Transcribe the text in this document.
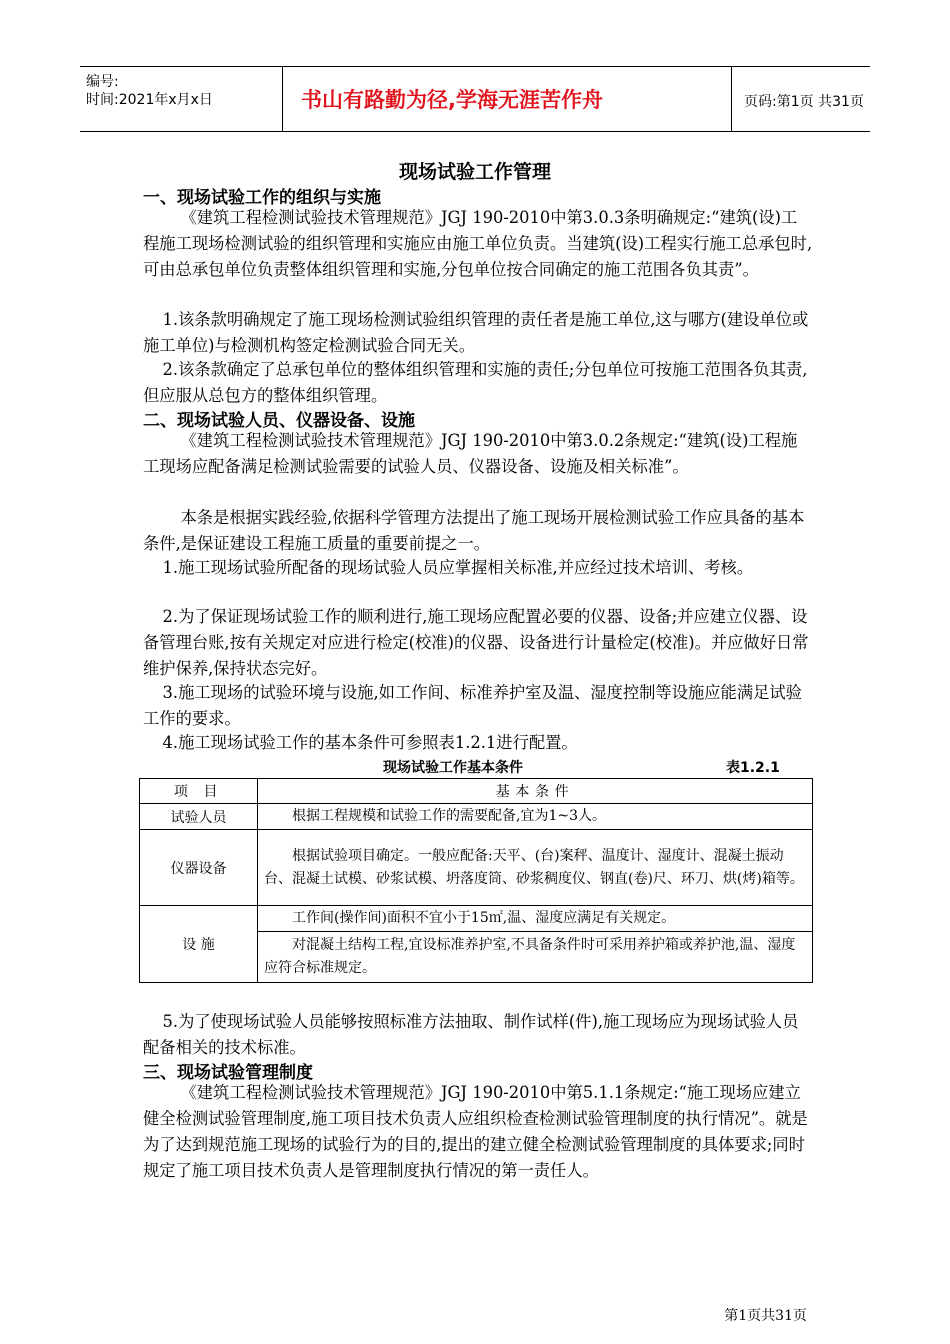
编号:
时间:2021年x月x日	书山有路勤为径,学海无涯苦作舟	页码:第1页 共31页
现场试验工作管理
一、现场试验工作的组织与实施
《建筑工程检测试验技术管理规范》JGJ 190-2010中第3.0.3条明确规定:“建筑(设)工程施工现场检测试验的组织管理和实施应由施工单位负责。当建筑(设)工程实行施工总承包时,可由总承包单位负责整体组织管理和实施,分包单位按合同确定的施工范围各负其责”。
1.该条款明确规定了施工现场检测试验组织管理的责任者是施工单位,这与哪方(建设单位或施工单位)与检测机构签定检测试验合同无关。
2.该条款确定了总承包单位的整体组织管理和实施的责任;分包单位可按施工范围各负其责,但应服从总包方的整体组织管理。
二、现场试验人员、仪器设备、设施
《建筑工程检测试验技术管理规范》JGJ 190-2010中第3.0.2条规定:“建筑(设)工程施工现场应配备满足检测试验需要的试验人员、仪器设备、设施及相关标准”。
本条是根据实践经验,依据科学管理方法提出了施工现场开展检测试验工作应具备的基本条件,是保证建设工程施工质量的重要前提之一。
1.施工现场试验所配备的现场试验人员应掌握相关标准,并应经过技术培训、考核。
2.为了保证现场试验工作的顺利进行,施工现场应配置必要的仪器、设备;并应建立仪器、设备管理台账,按有关规定对应进行检定(校准)的仪器、设备进行计量检定(校准)。并应做好日常维护保养,保持状态完好。
3.施工现场的试验环境与设施,如工作间、标准养护室及温、湿度控制等设施应能满足试验工作的要求。
4.施工现场试验工作的基本条件可参照表1.2.1进行配置。
现场试验工作基本条件	表1.2.1
项 目	基本条件
试验人员	根据工程规模和试验工作的需要配备,宜为1~3人。
仪器设备	根据试验项目确定。一般应配备:天平、(台)案秤、温度计、湿度计、混凝土振动台、混凝土试模、砂浆试模、坍落度筒、砂浆稠度仪、钢直(卷)尺、环刀、烘(烤)箱等。
设 施	工作间(操作间)面积不宜小于15㎡,温、湿度应满足有关规定。
	对混凝土结构工程,宜设标准养护室,不具备条件时可采用养护箱或养护池,温、湿度应符合标准规定。
5.为了使现场试验人员能够按照标准方法抽取、制作试样(件),施工现场应为现场试验人员配备相关的技术标准。
三、现场试验管理制度
《建筑工程检测试验技术管理规范》JGJ 190-2010中第5.1.1条规定:“施工现场应建立健全检测试验管理制度,施工项目技术负责人应组织检查检测试验管理制度的执行情况”。就是为了达到规范施工现场的试验行为的目的,提出的建立健全检测试验管理制度的具体要求;同时规定了施工项目技术负责人是管理制度执行情况的第一责任人。
第1页共31页
